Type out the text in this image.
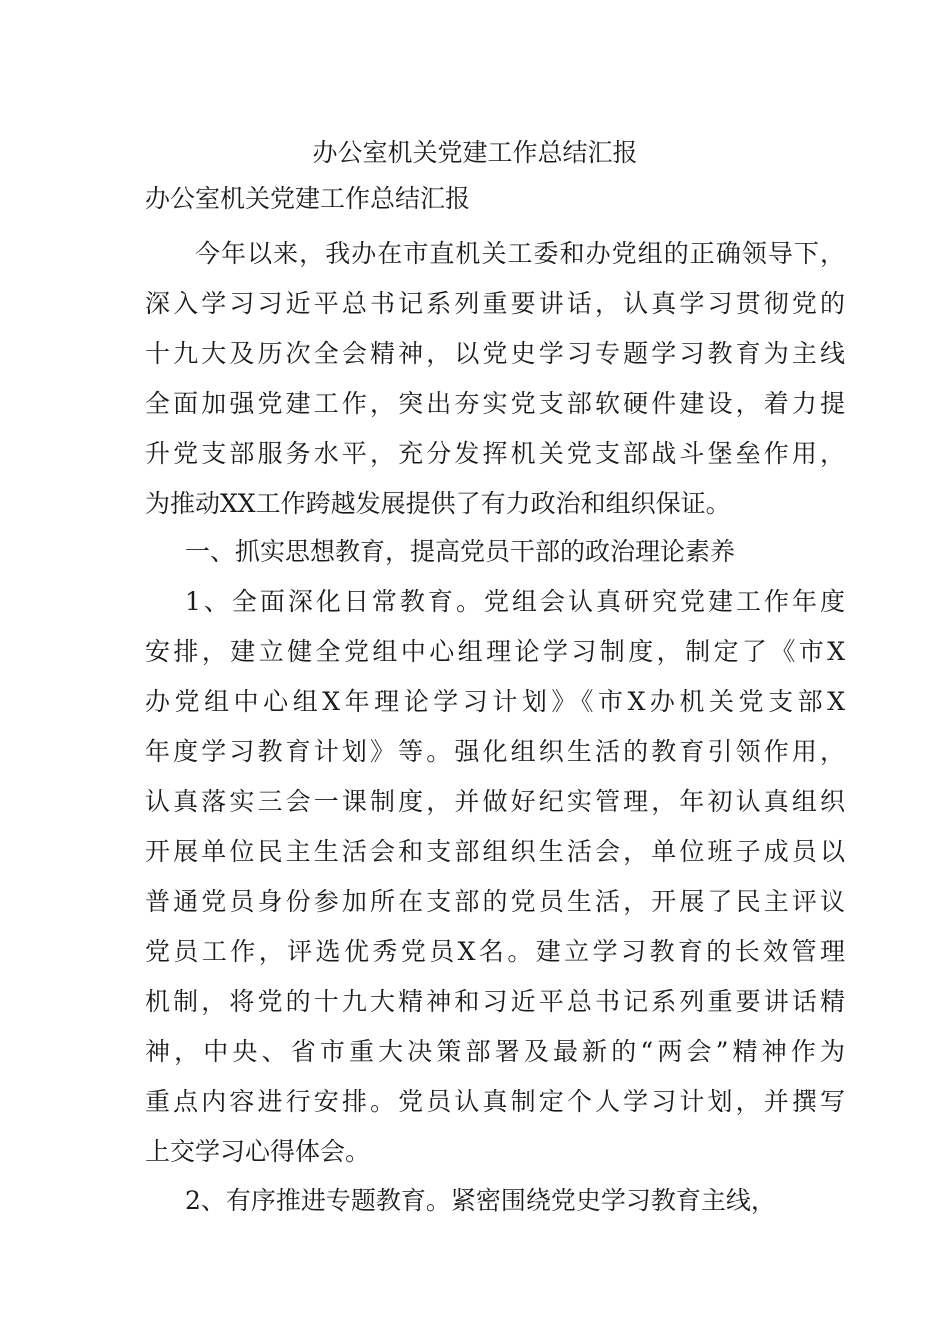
办公室机关党建工作总结汇报
办公室机关党建工作总结汇报
今年以来，我办在市直机关工委和办党组的正确领导下，
深入学习习近平总书记系列重要讲话，认真学习贯彻党的
十九大及历次全会精神，以党史学习专题学习教育为主线
全面加强党建工作，突出夯实党支部软硬件建设，着力提
升党支部服务水平，充分发挥机关党支部战斗堡垒作用，
为推动XX工作跨越发展提供了有力政治和组织保证。
一、抓实思想教育，提高党员干部的政治理论素养
1、全面深化日常教育。党组会认真研究党建工作年度
安排，建立健全党组中心组理论学习制度，制定了《市X
办党组中心组X年理论学习计划》《市X办机关党支部X
年度学习教育计划》等。强化组织生活的教育引领作用，
认真落实三会一课制度，并做好纪实管理，年初认真组织
开展单位民主生活会和支部组织生活会，单位班子成员以
普通党员身份参加所在支部的党员生活，开展了民主评议
党员工作，评选优秀党员X名。建立学习教育的长效管理
机制，将党的十九大精神和习近平总书记系列重要讲话精
神，中央、省市重大决策部署及最新的“两会”精神作为
重点内容进行安排。党员认真制定个人学习计划，并撰写
上交学习心得体会。
2、有序推进专题教育。紧密围绕党史学习教育主线，
